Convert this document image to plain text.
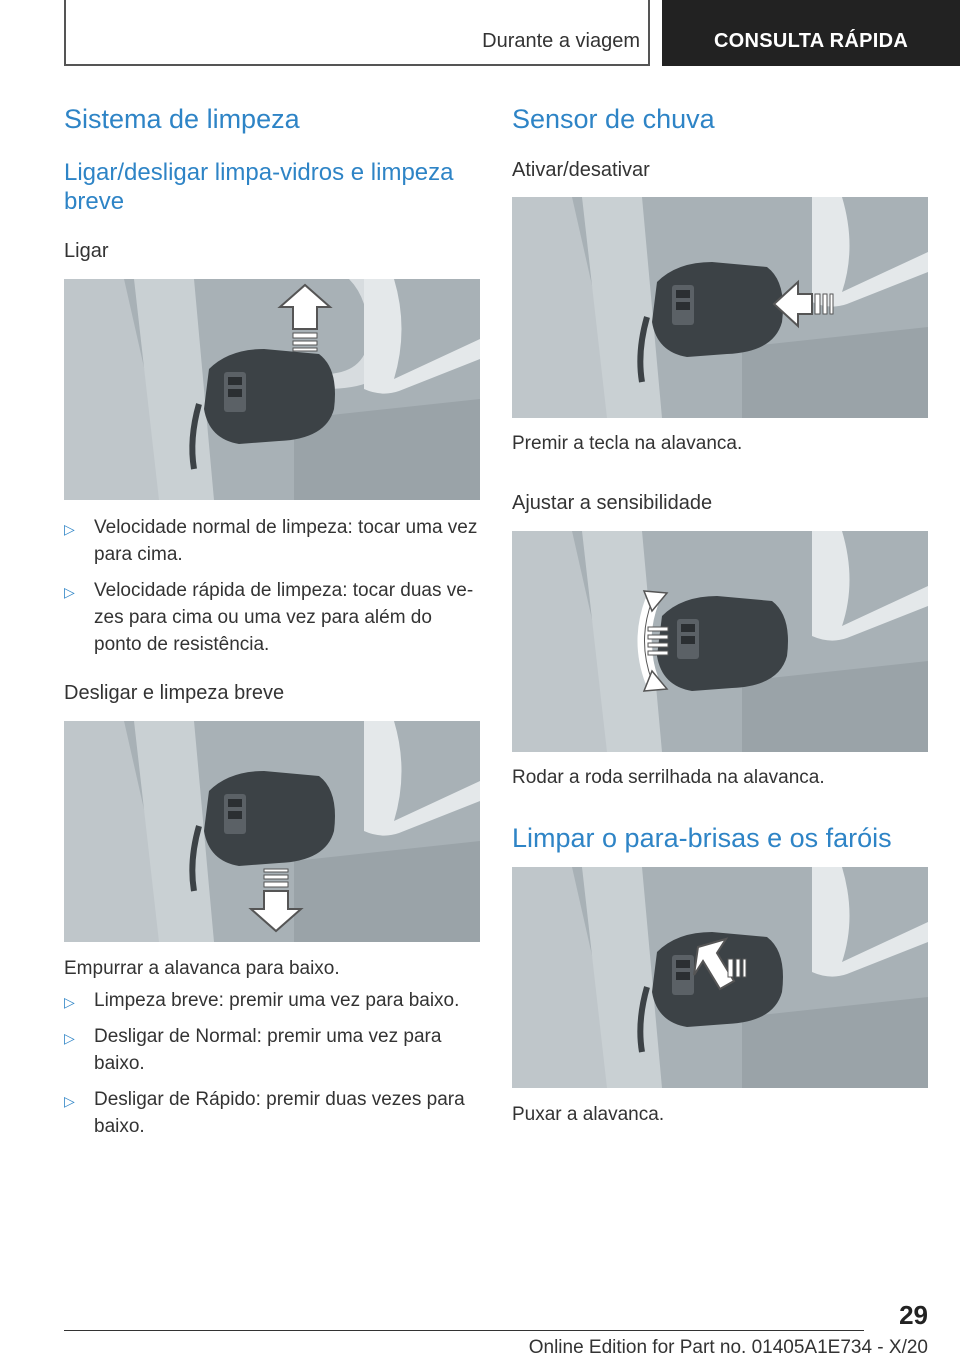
Durante a viagem	CONSULTA RÁPIDA
Sistema de limpeza
Ligar/desligar limpa-vidros e limpeza breve
Ligar
▷ Velocidade normal de limpeza: tocar uma vez para cima.
▷ Velocidade rápida de limpeza: tocar duas ve- zes para cima ou uma vez para além do ponto de resistência.
Desligar e limpeza breve
Empurrar a alavanca para baixo.
▷ Limpeza breve: premir uma vez para baixo.
▷ Desligar de Normal: premir uma vez para baixo.
▷ Desligar de Rápido: premir duas vezes para baixo.
Sensor de chuva
Ativar/desativar
Premir a tecla na alavanca.
Ajustar a sensibilidade
Rodar a roda serrilhada na alavanca.
Limpar o para-brisas e os faróis
Puxar a alavanca.
29
Online Edition for Part no. 01405A1E734 - X/20
